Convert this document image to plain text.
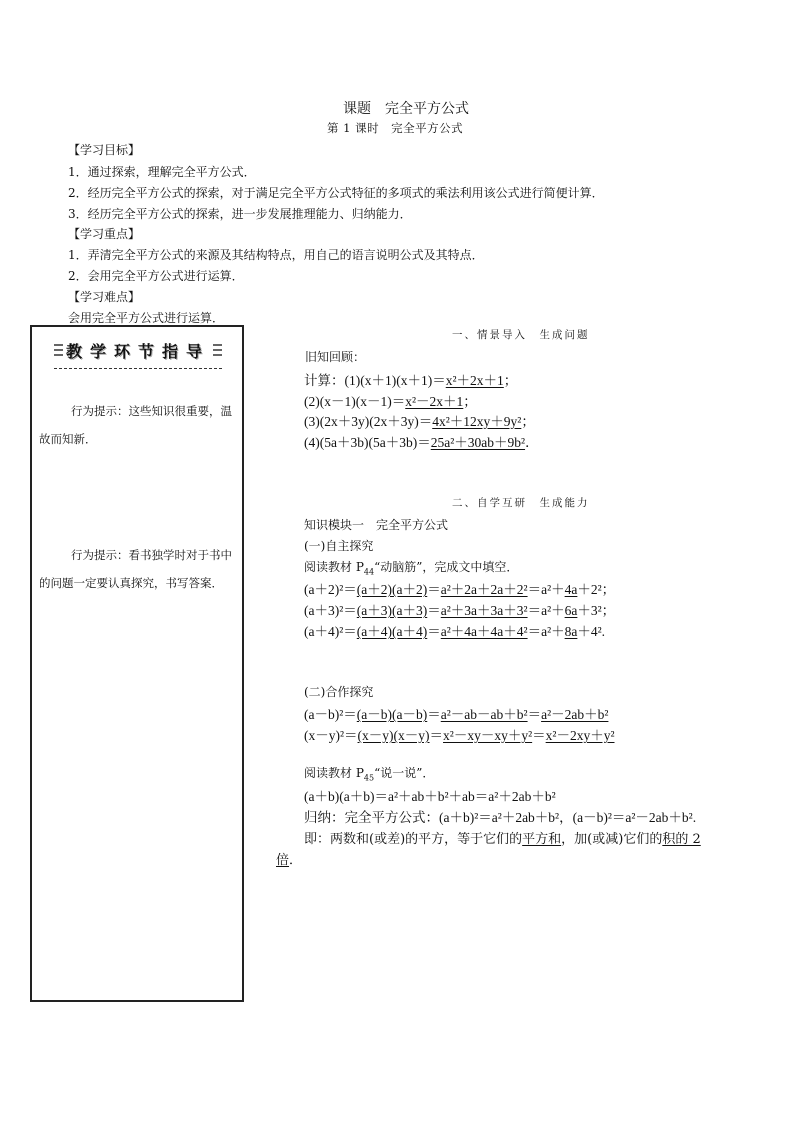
课题　完全平方公式
第 1 课时　完全平方公式
【学习目标】
1．通过探索，理解完全平方公式．
2．经历完全平方公式的探索，对于满足完全平方公式特征的多项式的乘法利用该公式进行简便计算．
3．经历完全平方公式的探索，进一步发展推理能力、归纳能力．
【学习重点】
1．弄清完全平方公式的来源及其结构特点，用自己的语言说明公式及其特点．
2．会用完全平方公式进行运算．
【学习难点】
会用完全平方公式进行运算．
教学环节指导

行为提示：这些知识很重要，温故而知新．

行为提示：看书独学时对于书中的问题一定要认真探究，书写答案．

一、情景导入　生成问题
旧知回顾：
计算：(1)(x＋1)(x＋1)＝x²＋2x＋1；
(2)(x－1)(x－1)＝x²－2x＋1；
(3)(2x＋3y)(2x＋3y)＝4x²＋12xy＋9y²；
(4)(5a＋3b)(5a＋3b)＝25a²＋30ab＋9b²．
二、自学互研　生成能力
知识模块一　完全平方公式
(一)自主探究
阅读教材 $P_{44}“$动脑筋”，完成文中填空．
(a＋2)²＝(a＋2)(a＋2)＝a²＋2a＋2a＋2²＝a²＋4a＋2²；
(a＋3)²＝(a＋3)(a＋3)＝a²＋3a＋3a＋3²＝a²＋6a＋3²；
(a＋4)²＝(a＋4)(a＋4)＝a²＋4a＋4a＋4²＝a²＋8a＋4².
(二)合作探究
(a－b)²＝(a－b)(a－b)＝a²－ab－ab＋b²＝a²－2ab＋b²
(x－y)²＝(x－y)(x－y)＝x²－xy－xy＋y²＝x²－2xy＋y²
阅读教材 $P_{45}“$说一说”．
(a＋b)(a＋b)＝a²＋ab＋b²＋ab＝a²＋2ab＋b²
归纳：完全平方公式：(a＋b)²＝a²＋2ab＋b²，(a－b)²＝a²－2ab＋b².
即：两数和(或差)的平方，等于它们的平方和，加(或减)它们的积的 2
倍．
